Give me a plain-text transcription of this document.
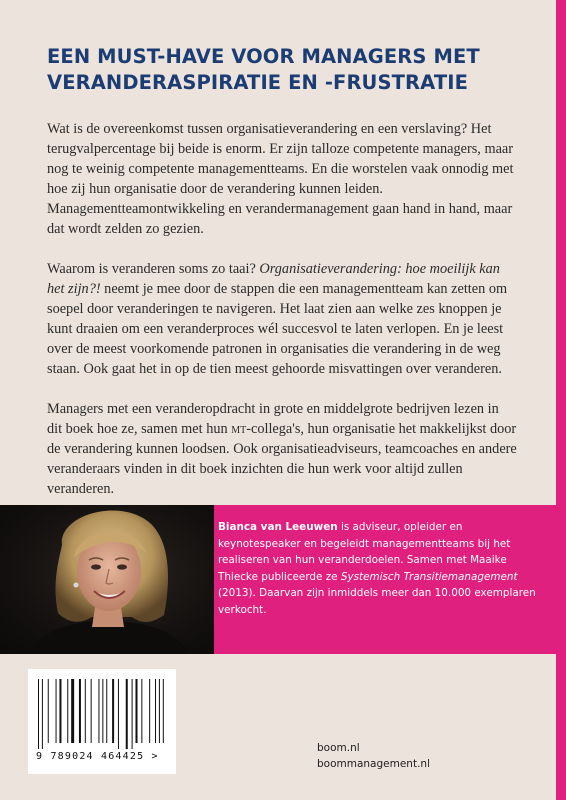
EEN MUST-HAVE VOOR MANAGERS MET
VERANDERASPIRATIE EN -FRUSTRATIE

Wat is de overeenkomst tussen organisatieverandering en een verslaving? Het terugvalpercentage bij beide is enorm. Er zijn talloze competente managers, maar nog te weinig competente managementteams. En die worstelen vaak onnodig met hoe zij hun organisatie door de verandering kunnen leiden. Managementteamontwikkeling en verandermanagement gaan hand in hand, maar dat wordt zelden zo gezien.

Waarom is veranderen soms zo taai? Organisatieverandering: hoe moeilijk kan het zijn?! neemt je mee door de stappen die een managementteam kan zetten om soepel door veranderingen te navigeren. Het laat zien aan welke zes knoppen je kunt draaien om een veranderproces wél succesvol te laten verlopen. En je leest over de meest voorkomende patronen in organisaties die verandering in de weg staan. Ook gaat het in op de tien meest gehoorde misvattingen over veranderen.

Managers met een veranderopdracht in grote en middelgrote bedrijven lezen in dit boek hoe ze, samen met hun mt-collega's, hun organisatie het makkelijkst door de verandering kunnen loodsen. Ook organisatieadviseurs, teamcoaches en andere veranderaars vinden in dit boek inzichten die hun werk voor altijd zullen veranderen.

Bianca van Leeuwen is adviseur, opleider en keynotespeaker en begeleidt managementteams bij het realiseren van hun veranderdoelen. Samen met Maaike Thiecke publiceerde ze Systemisch Transitiemanagement (2013). Daarvan zijn inmiddels meer dan 10.000 exemplaren verkocht.
9 789024 464425 >
boom.nl
boommanagement.nl
